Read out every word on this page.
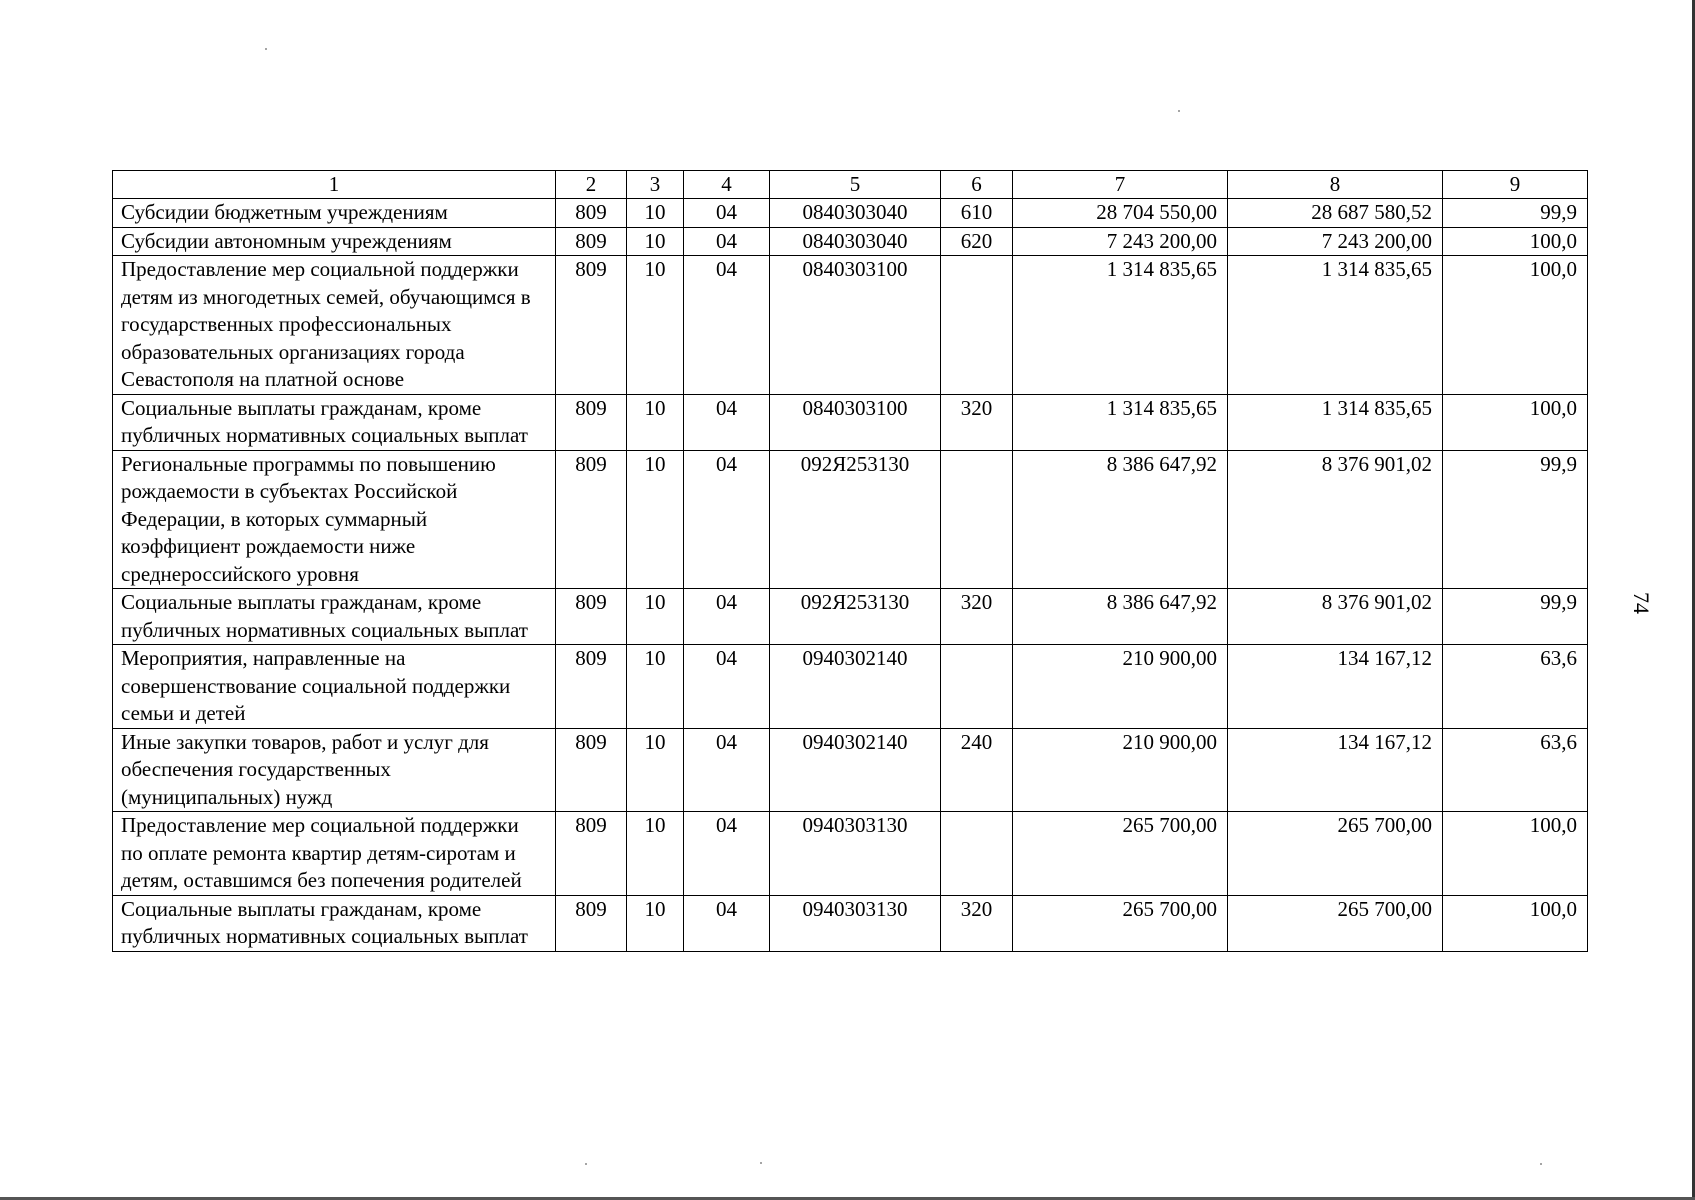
1	2	3	4	5	6	7	8	9
Субсидии бюджетным учреждениям	809	10	04	0840303040	610	28 704 550,00	28 687 580,52	99,9
Субсидии автономным учреждениям	809	10	04	0840303040	620	7 243 200,00	7 243 200,00	100,0
Предоставление мер социальной поддержки детям из многодетных семей, обучающимся в государственных профессиональных образовательных организациях города Севастополя на платной основе	809	10	04	0840303100		1 314 835,65	1 314 835,65	100,0
Социальные выплаты гражданам, кроме публичных нормативных социальных выплат	809	10	04	0840303100	320	1 314 835,65	1 314 835,65	100,0
Региональные программы по повышению рождаемости в субъектах Российской Федерации, в которых суммарный коэффициент рождаемости ниже среднероссийского уровня	809	10	04	092Я253130		8 386 647,92	8 376 901,02	99,9
Социальные выплаты гражданам, кроме публичных нормативных социальных выплат	809	10	04	092Я253130	320	8 386 647,92	8 376 901,02	99,9
Мероприятия, направленные на совершенствование социальной поддержки семьи и детей	809	10	04	0940302140		210 900,00	134 167,12	63,6
Иные закупки товаров, работ и услуг для обеспечения государственных (муниципальных) нужд	809	10	04	0940302140	240	210 900,00	134 167,12	63,6
Предоставление мер социальной поддержки по оплате ремонта квартир детям-сиротам и детям, оставшимся без попечения родителей	809	10	04	0940303130		265 700,00	265 700,00	100,0
Социальные выплаты гражданам, кроме публичных нормативных социальных выплат	809	10	04	0940303130	320	265 700,00	265 700,00	100,0
74
